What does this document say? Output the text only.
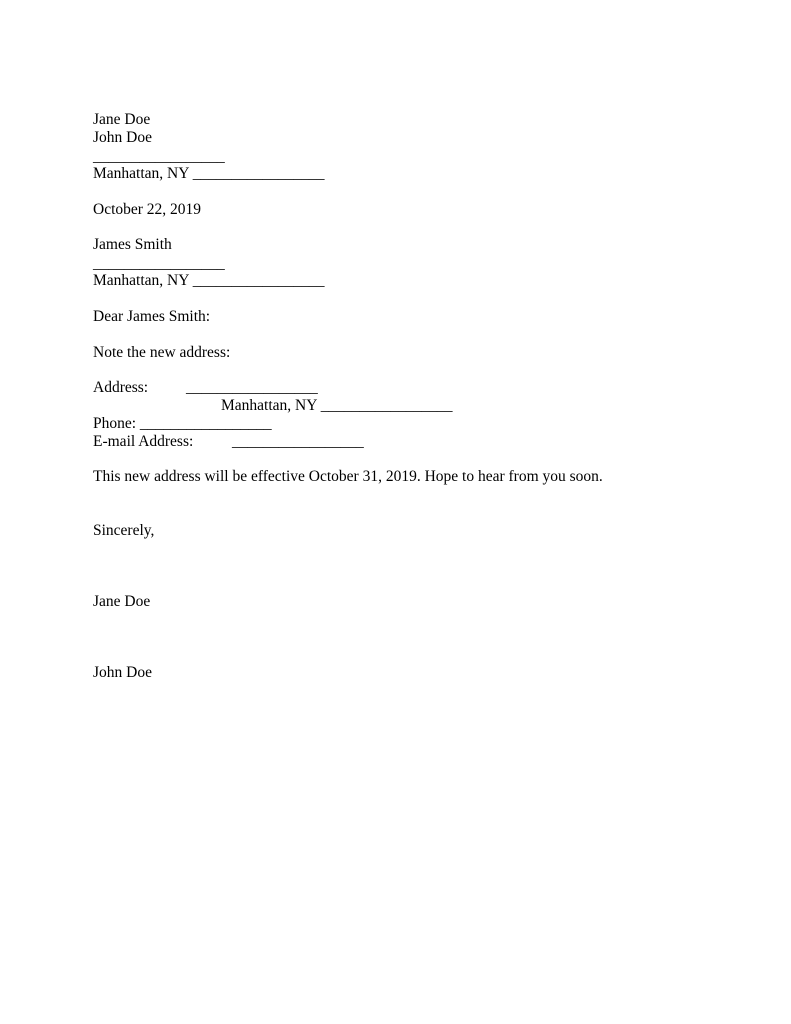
Jane Doe
John Doe
_________________
Manhattan, NY _________________
October 22, 2019
James Smith
_________________
Manhattan, NY _________________
Dear James Smith:
Note the new address:
Address: _________________
Manhattan, NY _________________
Phone: _________________
E-mail Address: _________________
This new address will be effective October 31, 2019. Hope to hear from you soon.
Sincerely,
Jane Doe
John Doe
